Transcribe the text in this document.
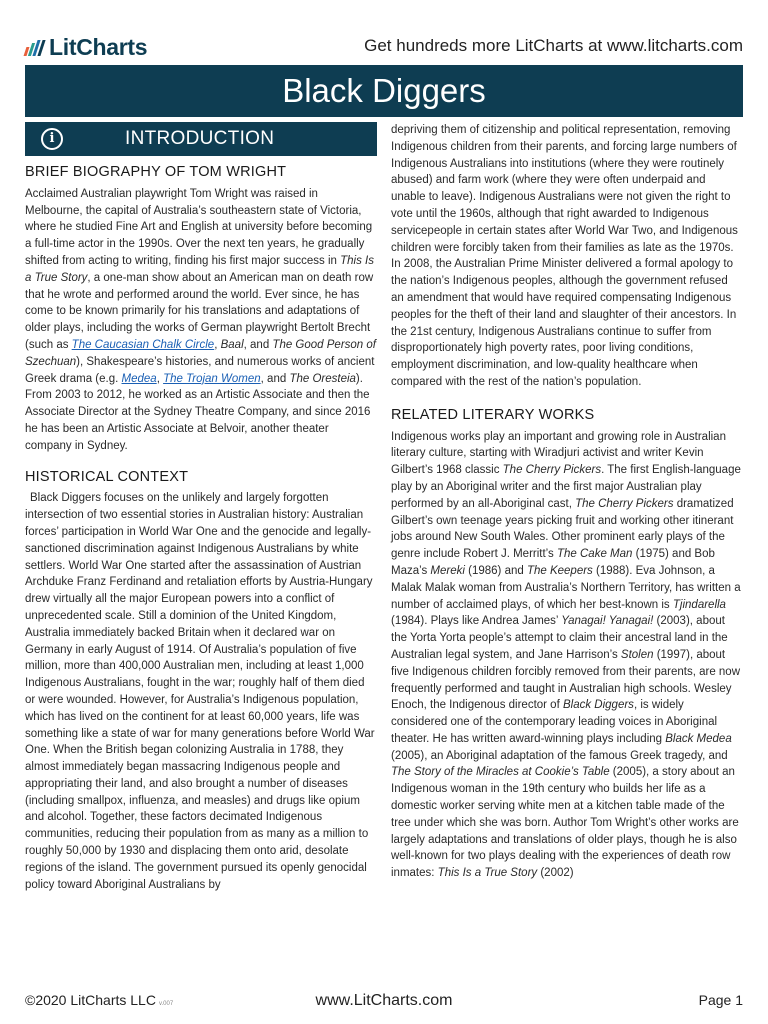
LitCharts	Get hundreds more LitCharts at www.litcharts.com
Black Diggers
i	INTRODUCTION
BRIEF BIOGRAPHY OF TOM WRIGHT

Acclaimed Australian playwright Tom Wright was raised in Melbourne, the capital of Australia’s southeastern state of Victoria, where he studied Fine Art and English at university before becoming a full-time actor in the 1990s. Over the next ten years, he gradually shifted from acting to writing, finding his first major success in This Is a True Story, a one-man show about an American man on death row that he wrote and performed around the world. Ever since, he has come to be known primarily for his translations and adaptations of older plays, including the works of German playwright Bertolt Brecht (such as The Caucasian Chalk Circle, Baal, and The Good Person of Szechuan), Shakespeare’s histories, and numerous works of ancient Greek drama (e.g. Medea, The Trojan Women, and The Oresteia). From 2003 to 2012, he worked as an Artistic Associate and then the Associate Director at the Sydney Theatre Company, and since 2016 he has been an Artistic Associate at Belvoir, another theater company in Sydney.

HISTORICAL CONTEXT

Black Diggers focuses on the unlikely and largely forgotten intersection of two essential stories in Australian history: Australian forces’ participation in World War One and the genocide and legally-sanctioned discrimination against Indigenous Australians by white settlers. World War One started after the assassination of Austrian Archduke Franz Ferdinand and retaliation efforts by Austria-Hungary drew virtually all the major European powers into a conflict of unprecedented scale. Still a dominion of the United Kingdom, Australia immediately backed Britain when it declared war on Germany in early August of 1914. Of Australia’s population of five million, more than 400,000 Australian men, including at least 1,000 Indigenous Australians, fought in the war; roughly half of them died or were wounded. However, for Australia’s Indigenous population, which has lived on the continent for at least 60,000 years, life was something like a state of war for many generations before World War One. When the British began colonizing Australia in 1788, they almost immediately began massacring Indigenous people and appropriating their land, and also brought a number of diseases (including smallpox, influenza, and measles) and drugs like opium and alcohol. Together, these factors decimated Indigenous communities, reducing their population from as many as a million to roughly 50,000 by 1930 and displacing them onto arid, desolate regions of the island. The government pursued its openly genocidal policy toward Aboriginal Australians by

depriving them of citizenship and political representation, removing Indigenous children from their parents, and forcing large numbers of Indigenous Australians into institutions (where they were routinely abused) and farm work (where they were often underpaid and unable to leave). Indigenous Australians were not given the right to vote until the 1960s, although that right awarded to Indigenous servicepeople in certain states after World War Two, and Indigenous children were forcibly taken from their families as late as the 1970s. In 2008, the Australian Prime Minister delivered a formal apology to the nation’s Indigenous peoples, although the government refused an amendment that would have required compensating Indigenous peoples for the theft of their land and slaughter of their ancestors. In the 21st century, Indigenous Australians continue to suffer from disproportionately high poverty rates, poor living conditions, employment discrimination, and low-quality healthcare when compared with the rest of the nation’s population.

RELATED LITERARY WORKS

Indigenous works play an important and growing role in Australian literary culture, starting with Wiradjuri activist and writer Kevin Gilbert’s 1968 classic The Cherry Pickers. The first English-language play by an Aboriginal writer and the first major Australian play performed by an all-Aboriginal cast, The Cherry Pickers dramatized Gilbert’s own teenage years picking fruit and working other itinerant jobs around New South Wales. Other prominent early plays of the genre include Robert J. Merritt’s The Cake Man (1975) and Bob Maza’s Mereki (1986) and The Keepers (1988). Eva Johnson, a Malak Malak woman from Australia’s Northern Territory, has written a number of acclaimed plays, of which her best-known is Tjindarella (1984). Plays like Andrea James’ Yanagai! Yanagai! (2003), about the Yorta Yorta people’s attempt to claim their ancestral land in the Australian legal system, and Jane Harrison’s Stolen (1997), about five Indigenous children forcibly removed from their parents, are now frequently performed and taught in Australian high schools. Wesley Enoch, the Indigenous director of Black Diggers, is widely considered one of the contemporary leading voices in Aboriginal theater. He has written award-winning plays including Black Medea (2005), an Aboriginal adaptation of the famous Greek tragedy, and The Story of the Miracles at Cookie’s Table (2005), a story about an Indigenous woman in the 19th century who builds her life as a domestic worker serving white men at a kitchen table made of the tree under which she was born. Author Tom Wright’s other works are largely adaptations and translations of older plays, though he is also well-known for two plays dealing with the experiences of death row inmates: This Is a True Story (2002)

©2020 LitCharts LLC v.007	www.LitCharts.com	Page 1
